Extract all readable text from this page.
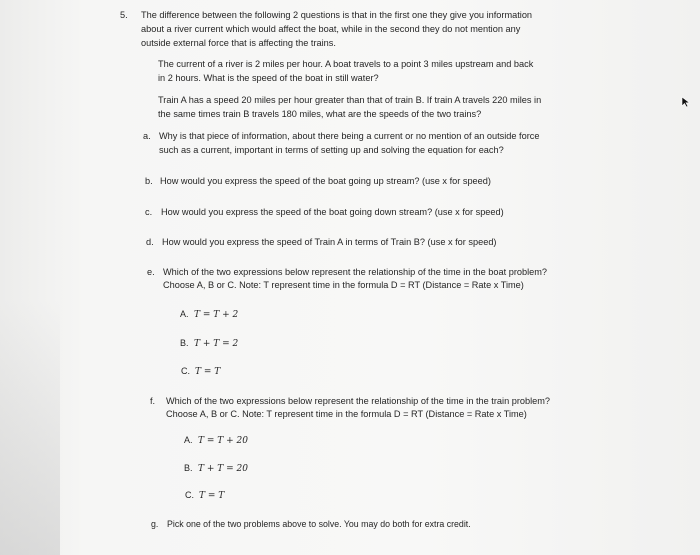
5. The difference between the following 2 questions is that in the first one they give you information
about a river current which would affect the boat, while in the second they do not mention any
outside external force that is affecting the trains.
The current of a river is 2 miles per hour. A boat travels to a point 3 miles upstream and back
in 2 hours. What is the speed of the boat in still water?
Train A has a speed 20 miles per hour greater than that of train B. If train A travels 220 miles in
the same times train B travels 180 miles, what are the speeds of the two trains?
a. Why is that piece of information, about there being a current or no mention of an outside force
such as a current, important in terms of setting up and solving the equation for each?
b. How would you express the speed of the boat going up stream? (use x for speed)
c. How would you express the speed of the boat going down stream? (use x for speed)
d. How would you express the speed of Train A in terms of Train B? (use x for speed)
e. Which of the two expressions below represent the relationship of the time in the boat problem?
Choose A, B or C. Note: T represent time in the formula D = RT (Distance = Rate x Time)
A. T = T + 2
B. T + T = 2
C. T = T
f. Which of the two expressions below represent the relationship of the time in the train problem?
Choose A, B or C. Note: T represent time in the formula D = RT (Distance = Rate x Time)
A. T = T + 20
B. T + T = 20
C. T = T
g. Pick one of the two problems above to solve. You may do both for extra credit.
